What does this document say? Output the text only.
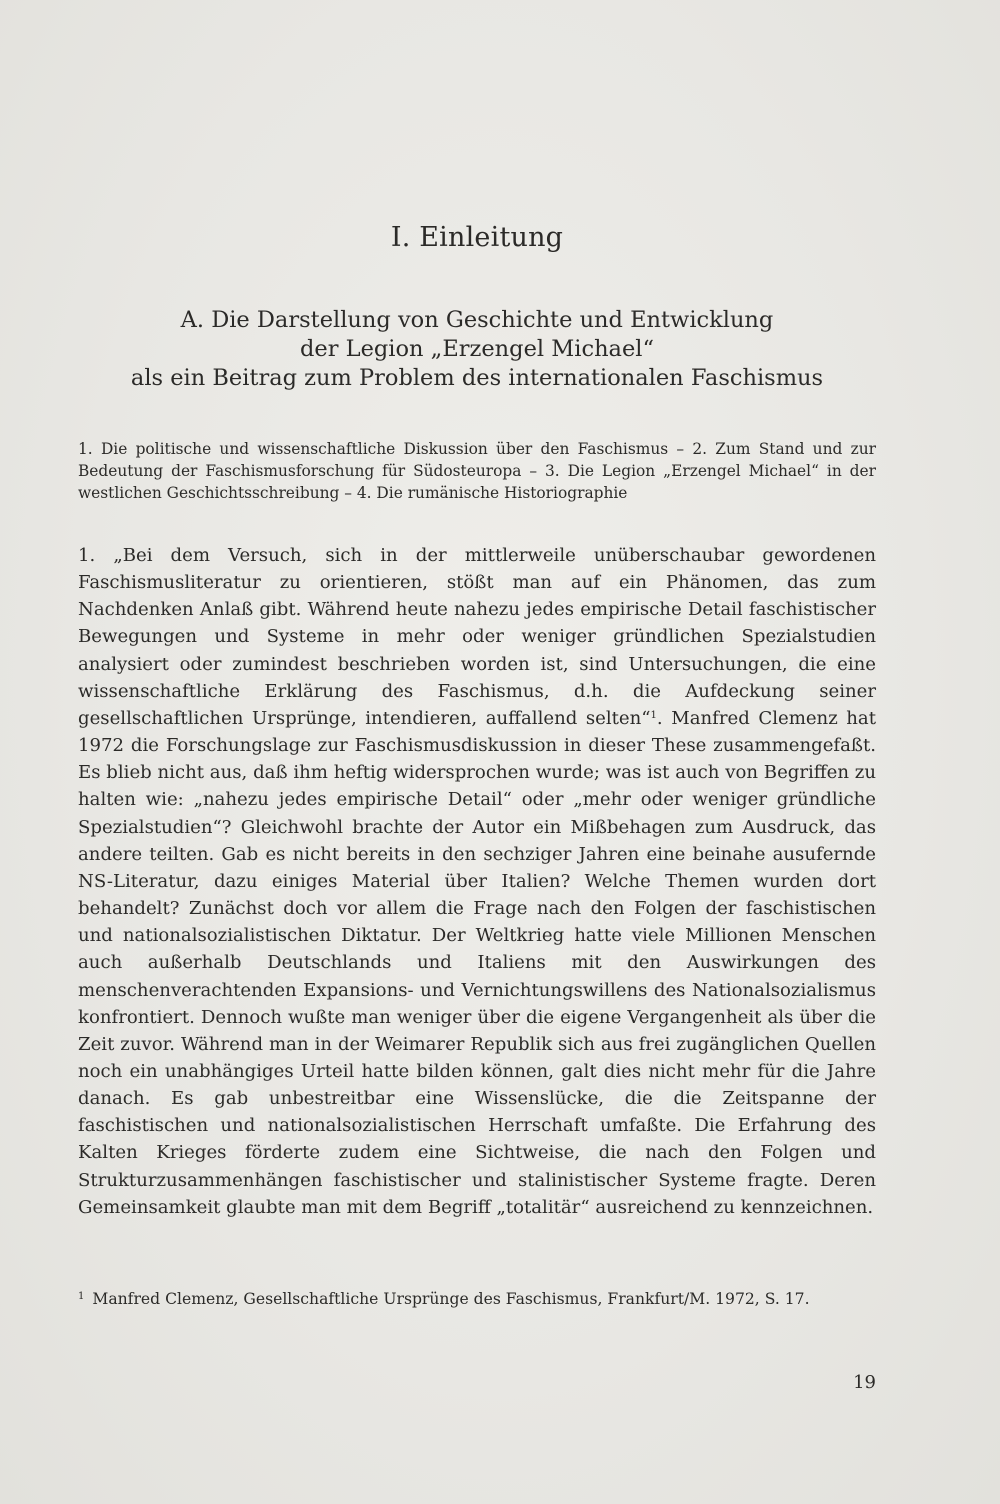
I. Einleitung
A. Die Darstellung von Geschichte und Entwicklung
der Legion „Erzengel Michael“
als ein Beitrag zum Problem des internationalen Faschismus
1. Die politische und wissenschaftliche Diskussion über den Faschismus – 2. Zum Stand und zur Bedeutung der Faschismusforschung für Südosteuropa – 3. Die Legion „Erzengel Michael“ in der westlichen Geschichtsschreibung – 4. Die rumänische Historiographie

1. „Bei dem Versuch, sich in der mittlerweile unüberschaubar gewordenen Faschismusliteratur zu orientieren, stößt man auf ein Phänomen, das zum Nachdenken Anlaß gibt. Während heute nahezu jedes empirische Detail faschistischer Bewegungen und Systeme in mehr oder weniger gründlichen Spezialstudien analysiert oder zumindest beschrieben worden ist, sind Untersuchungen, die eine wissenschaftliche Erklärung des Faschismus, d.h. die Aufdeckung seiner gesellschaftlichen Ursprünge, intendieren, auffallend selten“$^1$. Manfred Clemenz hat 1972 die Forschungslage zur Faschismusdiskussion in dieser These zusammengefaßt. Es blieb nicht aus, daß ihm heftig widersprochen wurde; was ist auch von Begriffen zu halten wie: „nahezu jedes empirische Detail“ oder „mehr oder weniger gründliche Spezialstudien“? Gleichwohl brachte der Autor ein Mißbehagen zum Ausdruck, das andere teilten. Gab es nicht bereits in den sechziger Jahren eine beinahe ausufernde NS-Literatur, dazu einiges Material über Italien? Welche Themen wurden dort behandelt? Zunächst doch vor allem die Frage nach den Folgen der faschistischen und nationalsozialistischen Diktatur. Der Weltkrieg hatte viele Millionen Menschen auch außerhalb Deutschlands und Italiens mit den Auswirkungen des menschenverachtenden Expansions- und Vernichtungswillens des Nationalsozialismus konfrontiert. Dennoch wußte man weniger über die eigene Vergangenheit als über die Zeit zuvor. Während man in der Weimarer Republik sich aus frei zugänglichen Quellen noch ein unabhängiges Urteil hatte bilden können, galt dies nicht mehr für die Jahre danach. Es gab unbestreitbar eine Wissenslücke, die die Zeitspanne der faschistischen und nationalsozialistischen Herrschaft umfaßte. Die Erfahrung des Kalten Krieges förderte zudem eine Sichtweise, die nach den Folgen und Strukturzusammenhängen faschistischer und stalinistischer Systeme fragte. Deren Gemeinsamkeit glaubte man mit dem Begriff „totalitär“ ausreichend zu kennzeichnen.

$^1$ Manfred Clemenz, Gesellschaftliche Ursprünge des Faschismus, Frankfurt/M. 1972, S. 17.
19
